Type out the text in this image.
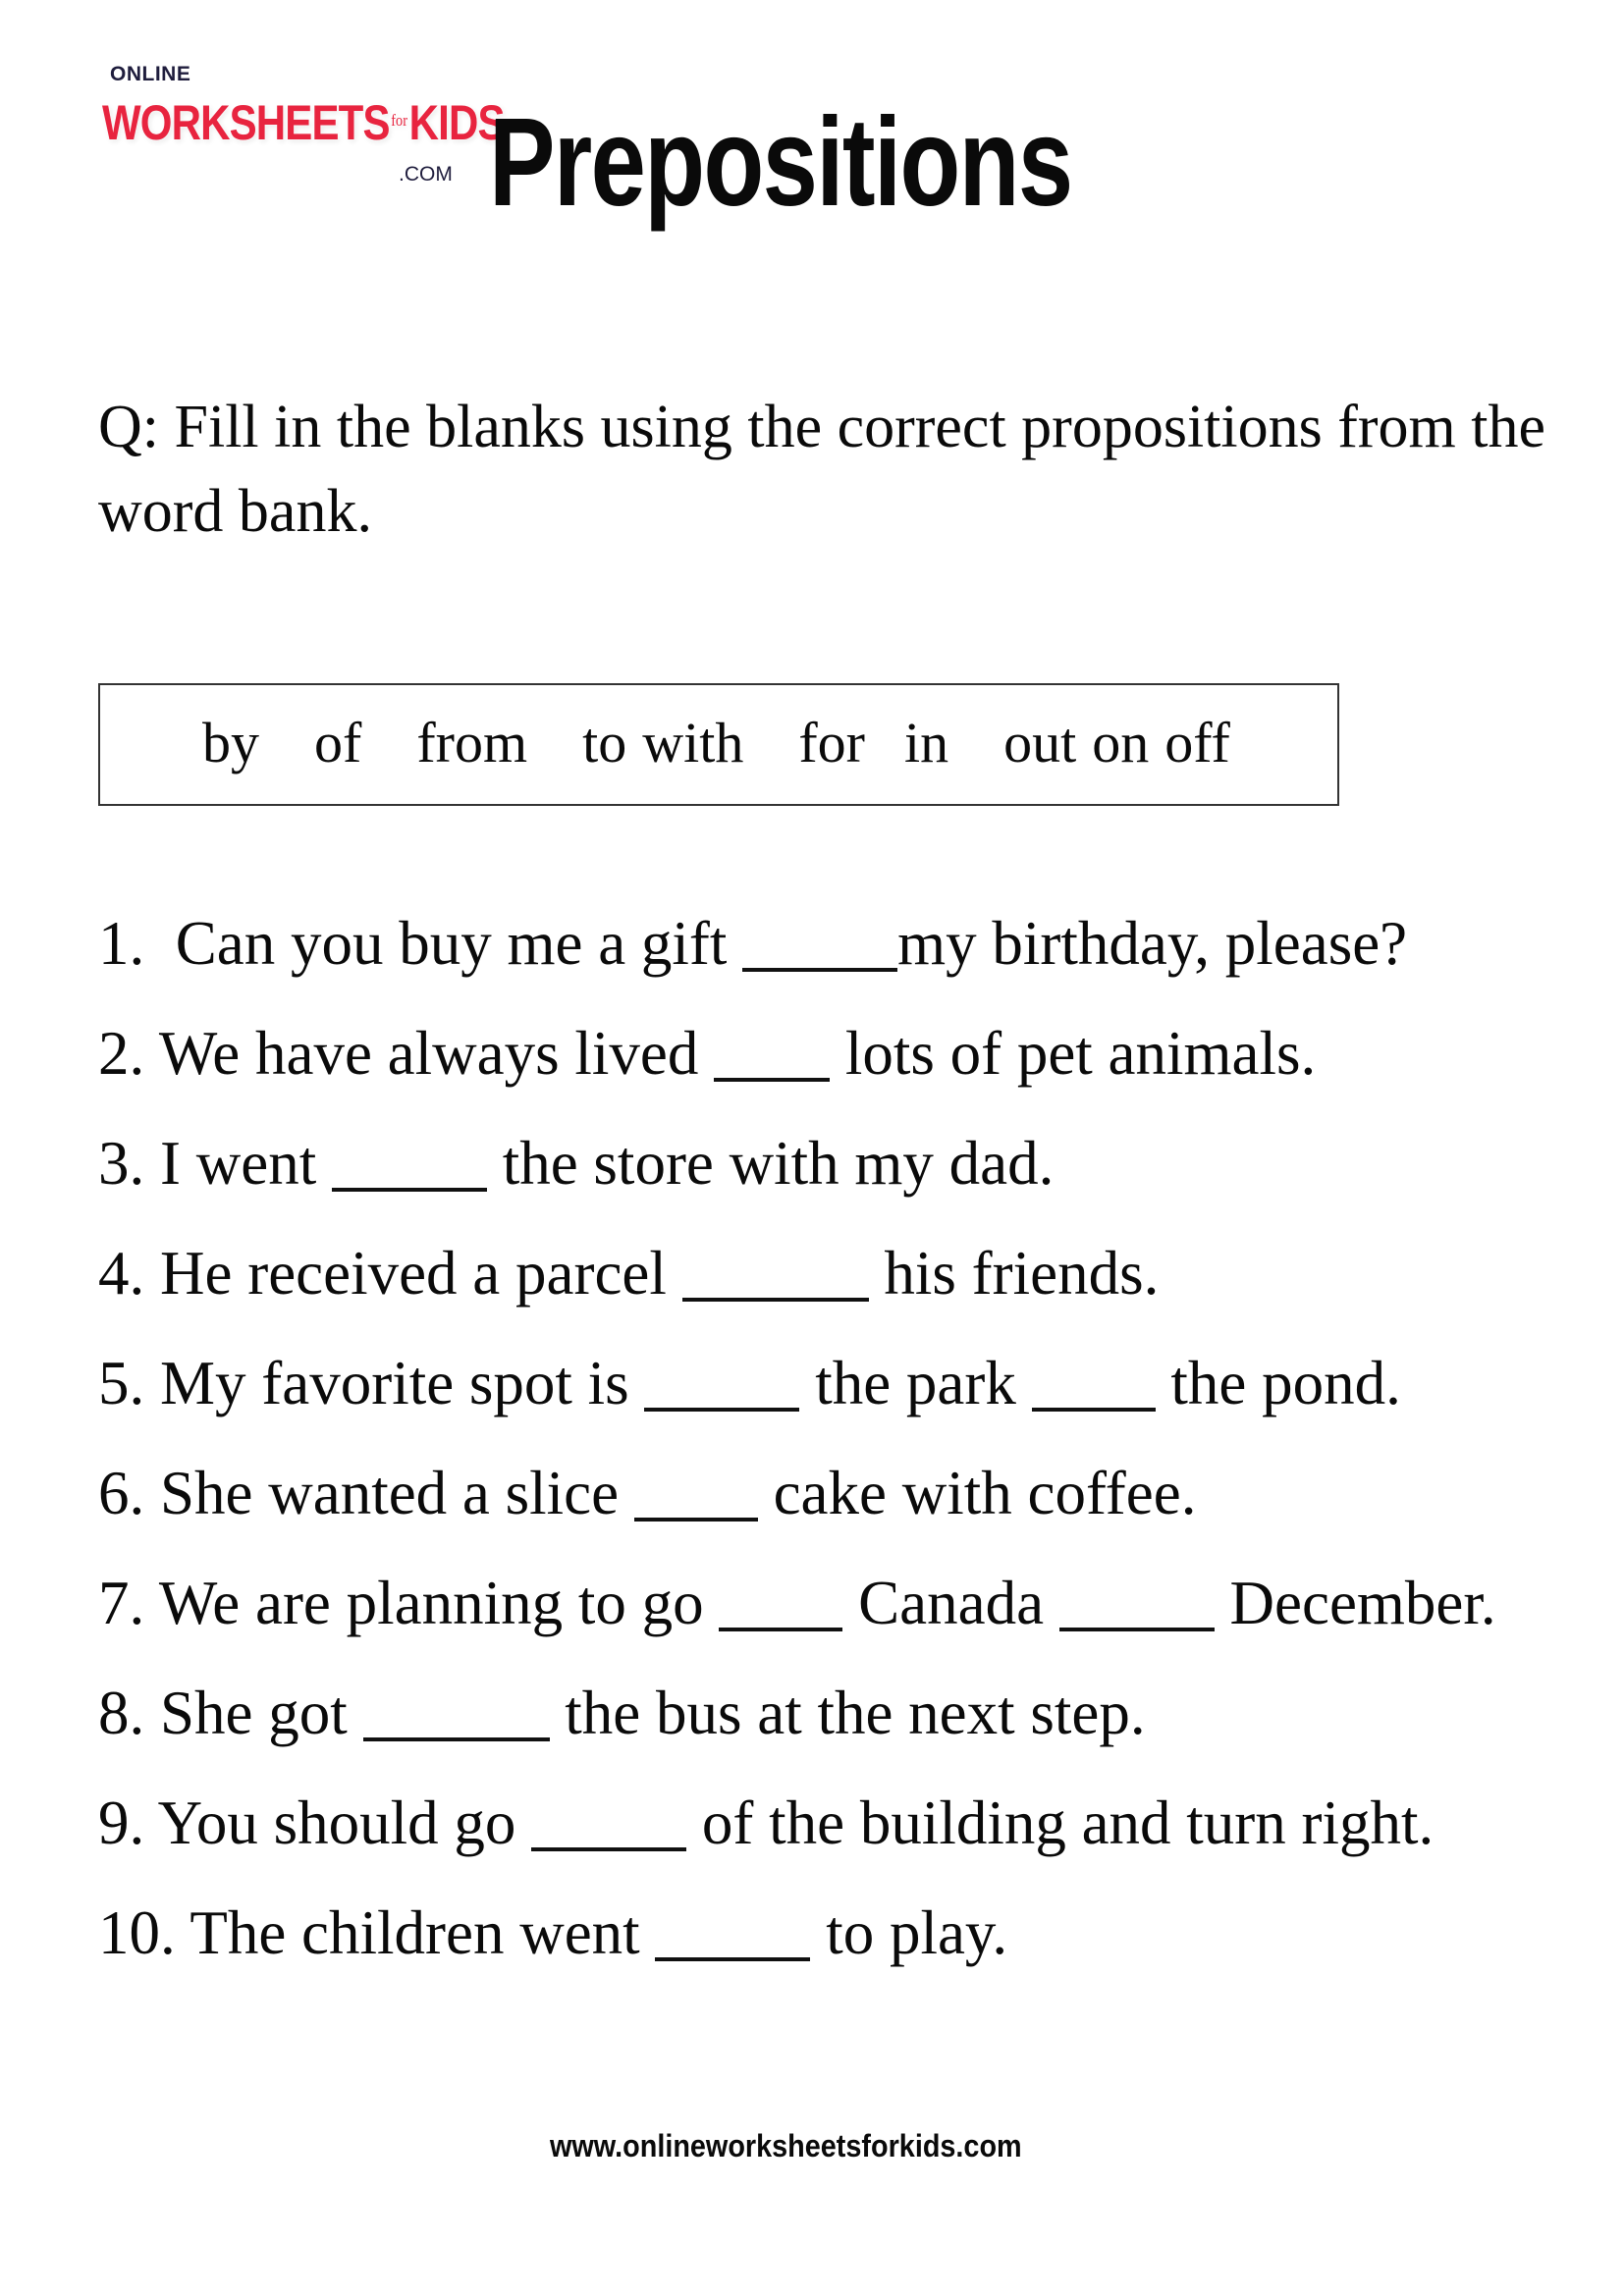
ONLINE
$WORKSHEETS^{for}KIDS$
.COM Prepositions
Q: Fill in the blanks using the correct propositions from the word bank.
by of from to with for in out on off
1.  Can you buy me a gift	my birthday, please?
2. We have always lived  lots of pet animals.
3. I went	the store with my dad.
4. He received a parcel	his friends.
5. My favorite spot is	the park  the pond.
6. She wanted a slice  cake with coffee.
7. We are planning to go  Canada	December.
8. She got	the bus at the next step.
9. You should go	of the building and turn right.
10. The children went	to play.
www.onlineworksheetsforkids.com
